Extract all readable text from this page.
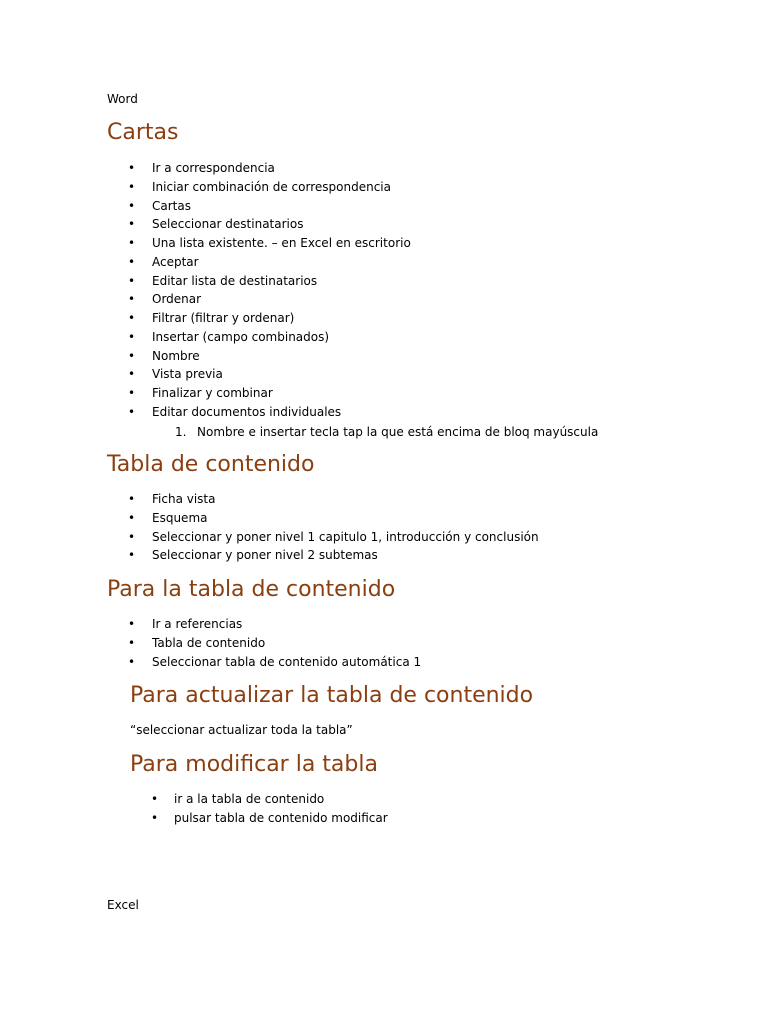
Word
Cartas
• Ir a correspondencia
• Iniciar combinación de correspondencia
• Cartas
• Seleccionar destinatarios
• Una lista existente. – en Excel en escritorio
• Aceptar
• Editar lista de destinatarios
• Ordenar
• Filtrar (filtrar y ordenar)
• Insertar (campo combinados)
• Nombre
• Vista previa
• Finalizar y combinar
• Editar documentos individuales
1. Nombre e insertar tecla tap la que está encima de bloq mayúscula
Tabla de contenido
• Ficha vista
• Esquema
• Seleccionar y poner nivel 1 capitulo 1, introducción y conclusión
• Seleccionar y poner nivel 2 subtemas
Para la tabla de contenido
• Ir a referencias
• Tabla de contenido
• Seleccionar tabla de contenido automática 1
Para actualizar la tabla de contenido
“seleccionar actualizar toda la tabla”
Para modificar la tabla
• ir a la tabla de contenido
• pulsar tabla de contenido modificar
Excel
